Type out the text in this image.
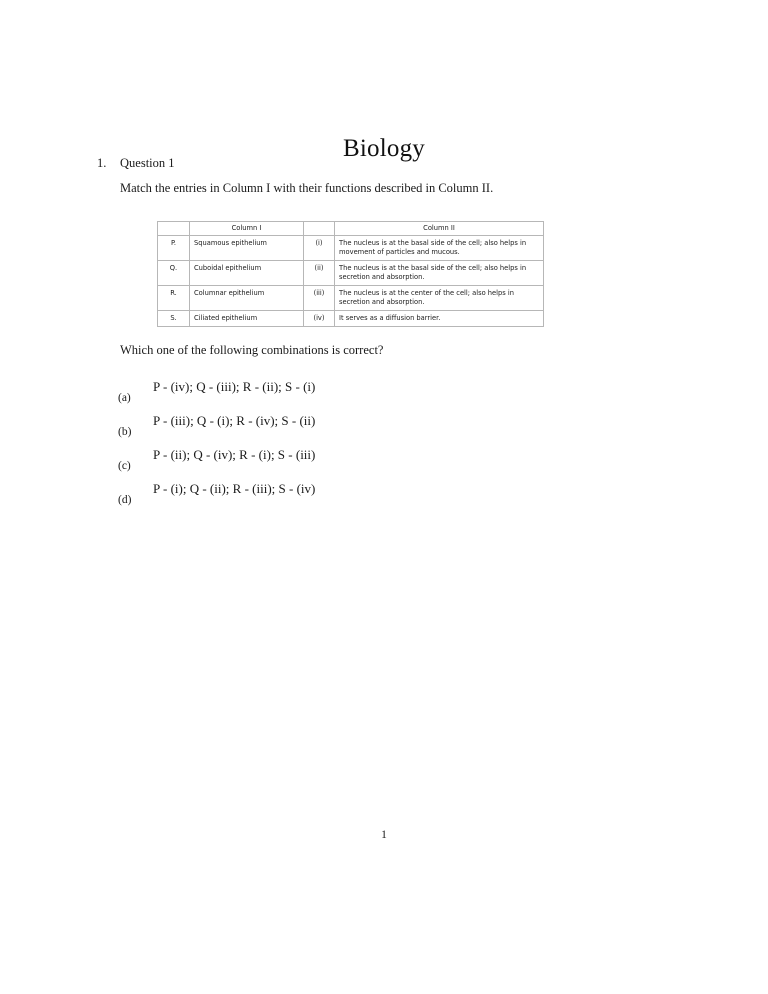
Biology
1.	Question 1
Match the entries in Column I with their functions described in Column II.
	Column I		Column II
P.	Squamous epithelium	(i)	The nucleus is at the basal side of the cell; also helps in movement of particles and mucous.
Q.	Cuboidal epithelium	(ii)	The nucleus is at the basal side of the cell; also helps in secretion and absorption.
R.	Columnar epithelium	(iii)	The nucleus is at the center of the cell; also helps in secretion and absorption.
S.	Ciliated epithelium	(iv)	It serves as a diffusion barrier.
Which one of the following combinations is correct?
(a)
P - (iv); Q - (iii); R - (ii); S - (i)
(b)
P - (iii); Q - (i); R - (iv); S - (ii)
(c)
P - (ii); Q - (iv); R - (i); S - (iii)
(d)
P - (i); Q - (ii); R - (iii); S - (iv)
1
